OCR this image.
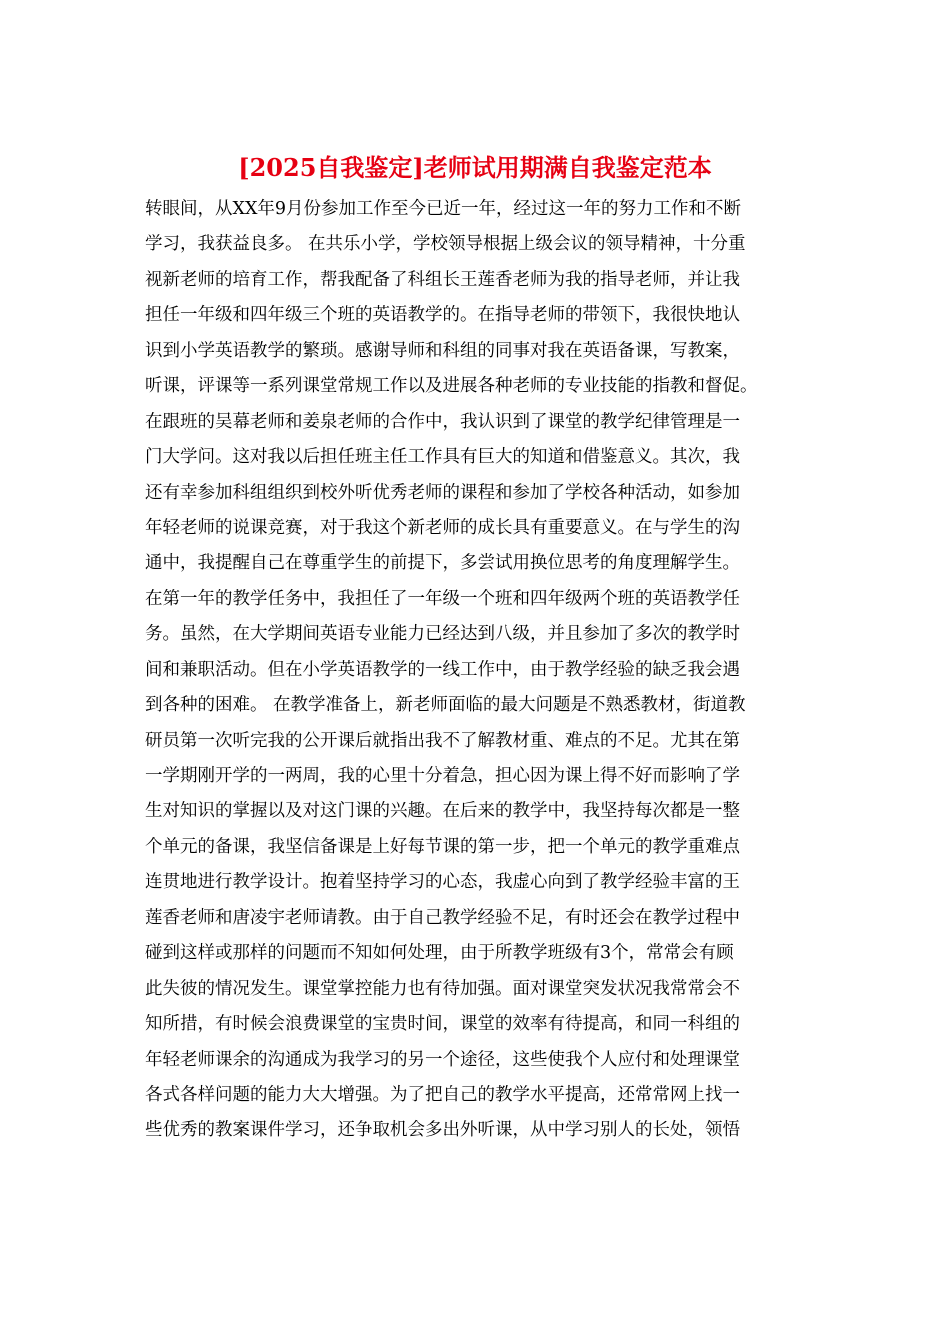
[2025自我鉴定]老师试用期满自我鉴定范本
转眼间，从XX年9月份参加工作至今已近一年，经过这一年的努力工作和不断
学习，我获益良多。 在共乐小学，学校领导根据上级会议的领导精神，十分重
视新老师的培育工作，帮我配备了科组长王莲香老师为我的指导老师，并让我
担任一年级和四年级三个班的英语教学的。在指导老师的带领下，我很快地认
识到小学英语教学的繁琐。感谢导师和科组的同事对我在英语备课，写教案，
听课，评课等一系列课堂常规工作以及进展各种老师的专业技能的指教和督促。
在跟班的吴幕老师和姜泉老师的合作中，我认识到了课堂的教学纪律管理是一
门大学问。这对我以后担任班主任工作具有巨大的知道和借鉴意义。其次，我
还有幸参加科组组织到校外听优秀老师的课程和参加了学校各种活动，如参加
年轻老师的说课竞赛，对于我这个新老师的成长具有重要意义。在与学生的沟
通中，我提醒自己在尊重学生的前提下，多尝试用换位思考的角度理解学生。
在第一年的教学任务中，我担任了一年级一个班和四年级两个班的英语教学任
务。虽然，在大学期间英语专业能力已经达到八级，并且参加了多次的教学时
间和兼职活动。但在小学英语教学的一线工作中，由于教学经验的缺乏我会遇
到各种的困难。 在教学准备上，新老师面临的最大问题是不熟悉教材，街道教
研员第一次听完我的公开课后就指出我不了解教材重、难点的不足。尤其在第
一学期刚开学的一两周，我的心里十分着急，担心因为课上得不好而影响了学
生对知识的掌握以及对这门课的兴趣。在后来的教学中，我坚持每次都是一整
个单元的备课，我坚信备课是上好每节课的第一步，把一个单元的教学重难点
连贯地进行教学设计。抱着坚持学习的心态，我虚心向到了教学经验丰富的王
莲香老师和唐凌宇老师请教。由于自己教学经验不足，有时还会在教学过程中
碰到这样或那样的问题而不知如何处理，由于所教学班级有3个，常常会有顾
此失彼的情况发生。课堂掌控能力也有待加强。面对课堂突发状况我常常会不
知所措，有时候会浪费课堂的宝贵时间，课堂的效率有待提高，和同一科组的
年轻老师课余的沟通成为我学习的另一个途径，这些使我个人应付和处理课堂
各式各样问题的能力大大增强。为了把自己的教学水平提高，还常常网上找一
些优秀的教案课件学习，还争取机会多出外听课，从中学习别人的长处，领悟
